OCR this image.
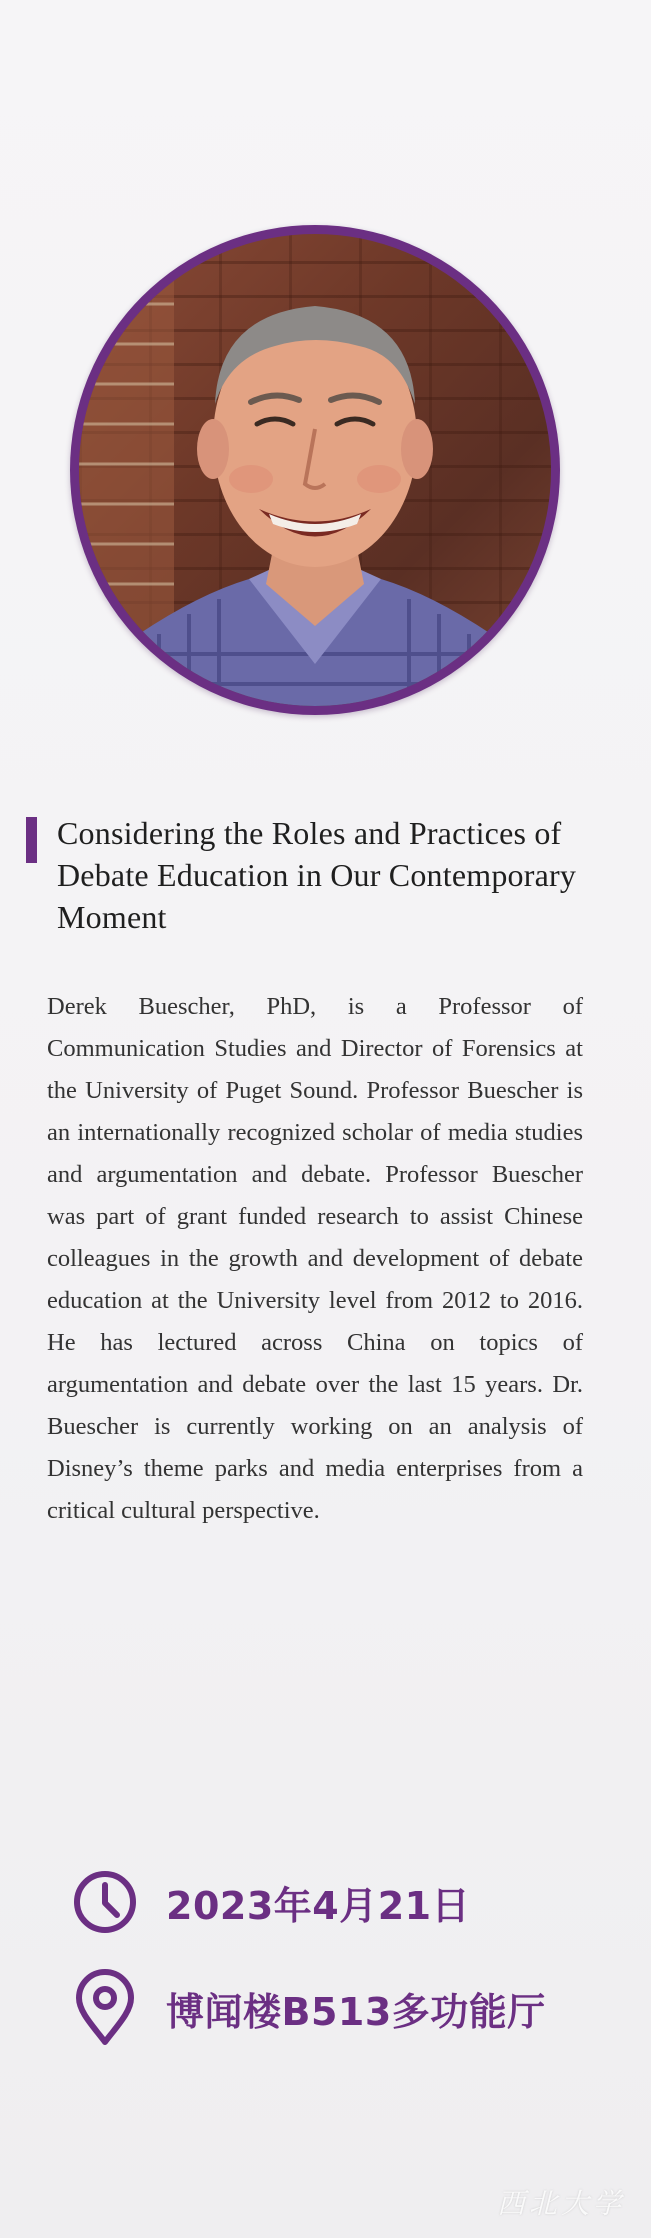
Considering the Roles and Practices of Debate Education in Our Contemporary Moment

Derek Buescher, PhD, is a Professor of Communication Studies and Director of Forensics at the University of Puget Sound. Professor Buescher is an internationally recognized scholar of media studies and argumentation and debate. Professor Buescher was part of grant funded research to assist Chinese colleagues in the growth and development of debate education at the University level from 2012 to 2016. He has lectured across China on topics of argumentation and debate over the last 15 years. Dr. Buescher is currently working on an analysis of Disney’s theme parks and media enterprises from a critical cultural perspective.

2023年4月21日
博闻楼B513多功能厅
西北大学
